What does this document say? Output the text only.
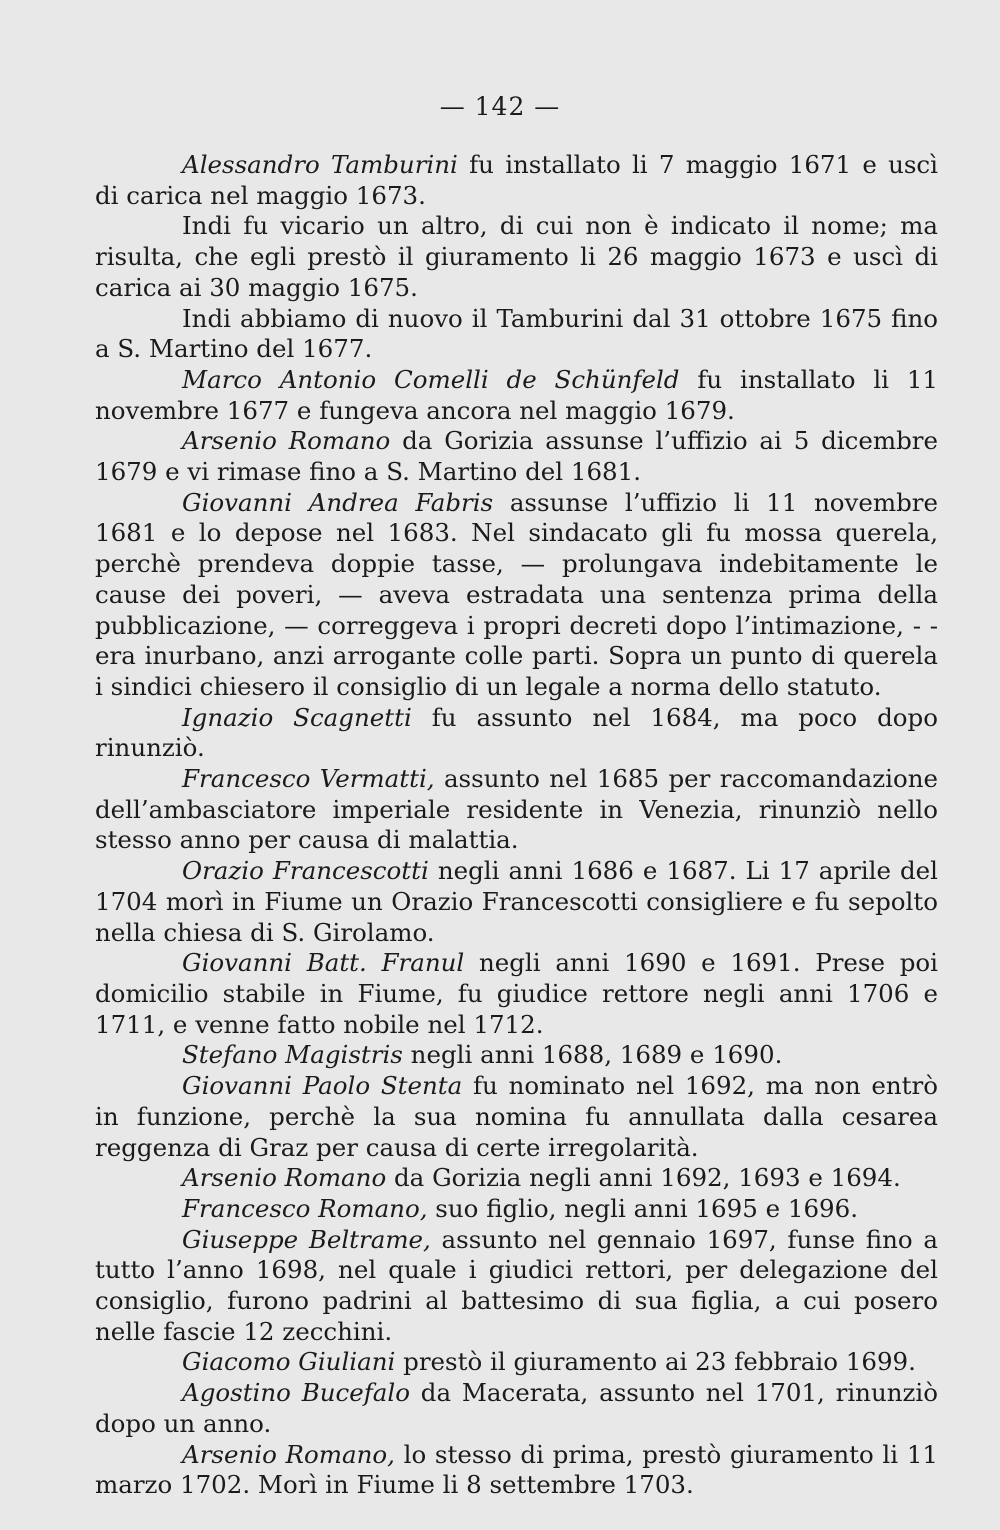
— 142 —

Alessandro Tamburini fu installato li 7 maggio 1671 e uscì di carica nel maggio 1673.

Indi fu vicario un altro, di cui non è indicato il nome; ma risulta, che egli prestò il giuramento li 26 maggio 1673 e uscì di carica ai 30 maggio 1675.

Indi abbiamo di nuovo il Tamburini dal 31 ottobre 1675 fino a S. Martino del 1677.

Marco Antonio Comelli de Schünfeld fu installato li 11 novembre 1677 e fungeva ancora nel maggio 1679.

Arsenio Romano da Gorizia assunse l’uffizio ai 5 dicembre 1679 e vi rimase fino a S. Martino del 1681.

Giovanni Andrea Fabris assunse l’uffizio li 11 novembre 1681 e lo depose nel 1683. Nel sindacato gli fu mossa querela, perchè prendeva doppie tasse, — prolungava indebitamente le cause dei poveri, — aveva estradata una sentenza prima della pubblicazione, — correggeva i propri decreti dopo l’intimazione, - - era inurbano, anzi arrogante colle parti. Sopra un punto di querela i sindici chiesero il consiglio di un legale a norma dello statuto.

Ignazio Scagnetti fu assunto nel 1684, ma poco dopo rinunziò.

Francesco Vermatti, assunto nel 1685 per raccomandazione dell’ambasciatore imperiale residente in Venezia, rinunziò nello stesso anno per causa di malattia.

Orazio Francescotti negli anni 1686 e 1687. Li 17 aprile del 1704 morì in Fiume un Orazio Francescotti consigliere e fu sepolto nella chiesa di S. Girolamo.

Giovanni Batt. Franul negli anni 1690 e 1691. Prese poi domicilio stabile in Fiume, fu giudice rettore negli anni 1706 e 1711, e venne fatto nobile nel 1712.

Stefano Magistris negli anni 1688, 1689 e 1690.

Giovanni Paolo Stenta fu nominato nel 1692, ma non entrò in funzione, perchè la sua nomina fu annullata dalla cesarea reggenza di Graz per causa di certe irregolarità.

Arsenio Romano da Gorizia negli anni 1692, 1693 e 1694.

Francesco Romano, suo figlio, negli anni 1695 e 1696.

Giuseppe Beltrame, assunto nel gennaio 1697, funse fino a tutto l’anno 1698, nel quale i giudici rettori, per delegazione del consiglio, furono padrini al battesimo di sua figlia, a cui posero nelle fascie 12 zecchini.

Giacomo Giuliani prestò il giuramento ai 23 febbraio 1699.

Agostino Bucefalo da Macerata, assunto nel 1701, rinunziò dopo un anno.

Arsenio Romano, lo stesso di prima, prestò giuramento li 11 marzo 1702. Morì in Fiume li 8 settembre 1703.
